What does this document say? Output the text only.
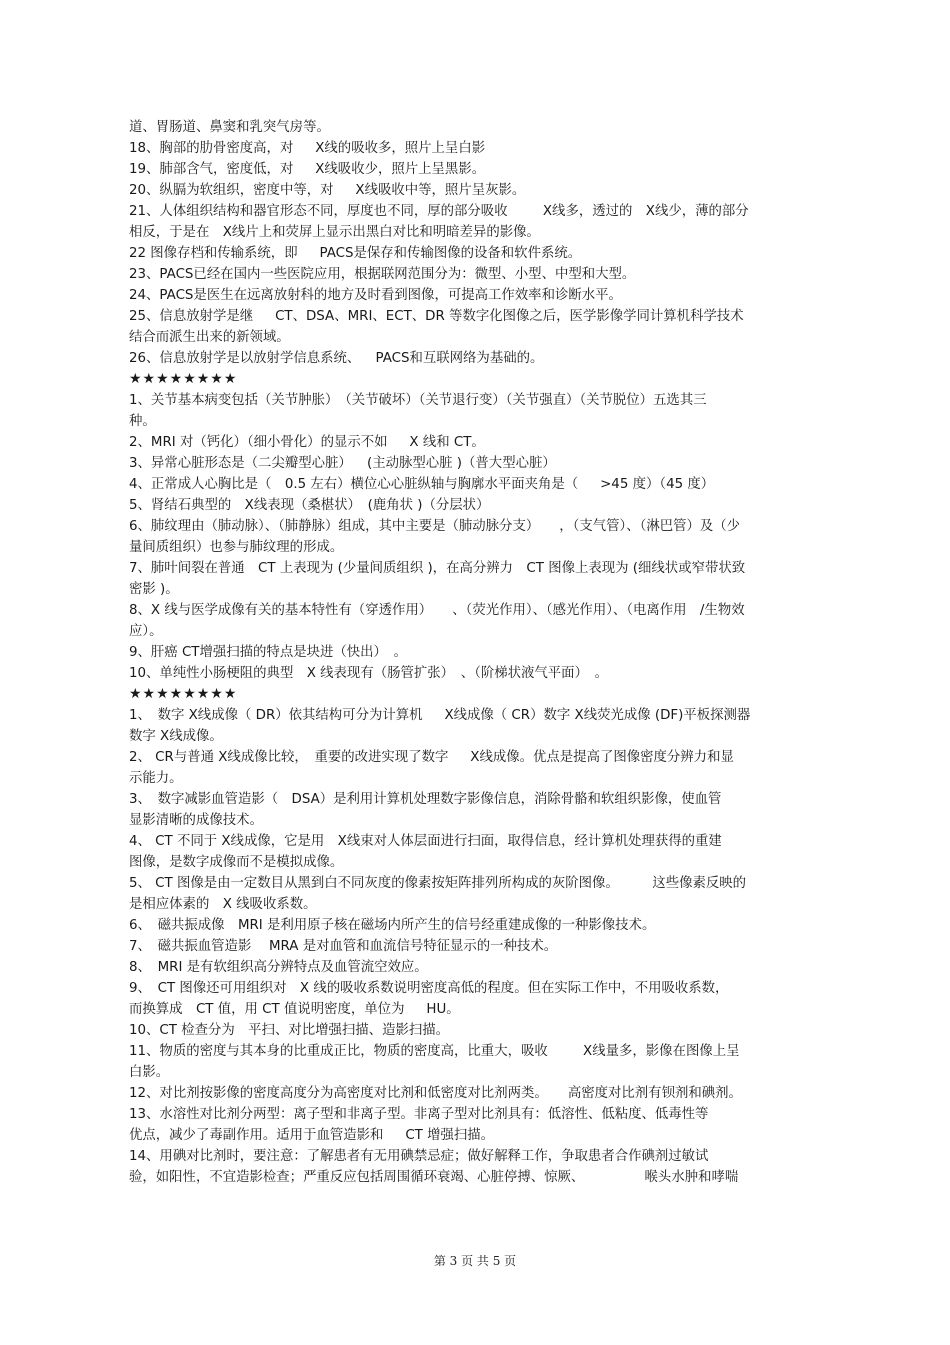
道、胃肠道、鼻窦和乳突气房等。
18、胸部的肋骨密度高，对　  X线的吸收多，照片上呈白影
19、肺部含气，密度低，对　  X线吸收少，照片上呈黑影。
20、纵膈为软组织，密度中等，对　  X线吸收中等，照片呈灰影。
21、人体组织结构和器官形态不同，厚度也不同，厚的部分吸收　　  X线多，透过的　X线少，薄的部分
相反，于是在　X线片上和荧屏上显示出黑白对比和明暗差异的影像。
22 图像存档和传输系统，即　  PACS是保存和传输图像的设备和软件系统。
23、PACS已经在国内一些医院应用，根据联网范围分为：微型、小型、中型和大型。
24、PACS是医生在远离放射科的地方及时看到图像，可提高工作效率和诊断水平。
25、信息放射学是继　  CT、DSA、MRI、ECT、DR 等数字化图像之后，医学影像学同计算机科学技术
结合而派生出来的新领域。
26、信息放射学是以放射学信息系统、　  PACS和互联网络为基础的。
★★★★★★★★
1、关节基本病变包括（关节肿胀）　（关节破坏）（关节退行变）（关节强直）（关节脱位）五选其三
种。
2、MRI 对（钙化）（细小骨化）的显示不如　  X 线和 CT。
3、异常心脏形态是（二尖瓣型心脏）　  (主动脉型心脏 )（普大型心脏）
4、正常成人心胸比是（　0.5 左右）横位心心脏纵轴与胸廓水平面夹角是（　  >45 度）（45 度）
5、肾结石典型的　X线表现（桑椹状）　(鹿角状 )（分层状）
6、肺纹理由（肺动脉）、（肺静脉）组成，其中主要是（肺动脉分支）　　，（支气管）、（淋巴管）及（少
量间质组织）也参与肺纹理的形成。
7、肺叶间裂在普通　CT 上表现为 (少量间质组织 )，在高分辨力　CT 图像上表现为 (细线状或窄带状致
密影 )。
8、X 线与医学成像有关的基本特性有（穿透作用）　　、（荧光作用）、（感光作用）、（电离作用　/生物效
应）。
9、肝癌 CT增强扫描的特点是块进（快出）　。
10、单纯性小肠梗阻的典型　X 线表现有（肠管扩张）　、（阶梯状液气平面）　。
★★★★★★★★
1、　数字 X线成像（ DR）依其结构可分为计算机　  X线成像（ CR）数字 X线荧光成像 (DF)平板探测器
数字 X线成像。
2、 CR与普通 X线成像比较，　重要的改进实现了数字　  X线成像。优点是提高了图像密度分辨力和显
示能力。
3、　数字减影血管造影（　DSA）是利用计算机处理数字影像信息，消除骨骼和软组织影像，使血管
显影清晰的成像技术。
4、 CT 不同于 X线成像，它是用　X线束对人体层面进行扫面，取得信息，经计算机处理获得的重建
图像，是数字成像而不是模拟成像。
5、 CT 图像是由一定数目从黑到白不同灰度的像素按矩阵排列所构成的灰阶图像。　　　这些像素反映的
是相应体素的　X 线吸收系数。
6、　磁共振成像　MRI 是利用原子核在磁场内所产生的信号经重建成像的一种影像技术。
7、　磁共振血管造影　 MRA 是对血管和血流信号特征显示的一种技术。
8、　MRI 是有软组织高分辨特点及血管流空效应。
9、　CT 图像还可用组织对　X 线的吸收系数说明密度高低的程度。但在实际工作中，不用吸收系数，
而换算成　CT 值，用 CT 值说明密度，单位为　  HU。
10、CT 检查分为　平扫、对比增强扫描、造影扫描。
11、物质的密度与其本身的比重成正比，物质的密度高，比重大，吸收　　  X线量多，影像在图像上呈
白影。
12、对比剂按影像的密度高度分为高密度对比剂和低密度对比剂两类。　　高密度对比剂有钡剂和碘剂。
13、水溶性对比剂分两型：离子型和非离子型。非离子型对比剂具有：低溶性、低粘度、低毒性等
优点，减少了毒副作用。适用于血管造影和　  CT 增强扫描。
14、用碘对比剂时，要注意：了解患者有无用碘禁忌症；做好解释工作，争取患者合作碘剂过敏试
验，如阳性，不宜造影检查；严重反应包括周围循环衰竭、心脏停搏、惊厥、　　　　　喉头水肿和哮喘
第 3 页 共 5 页
